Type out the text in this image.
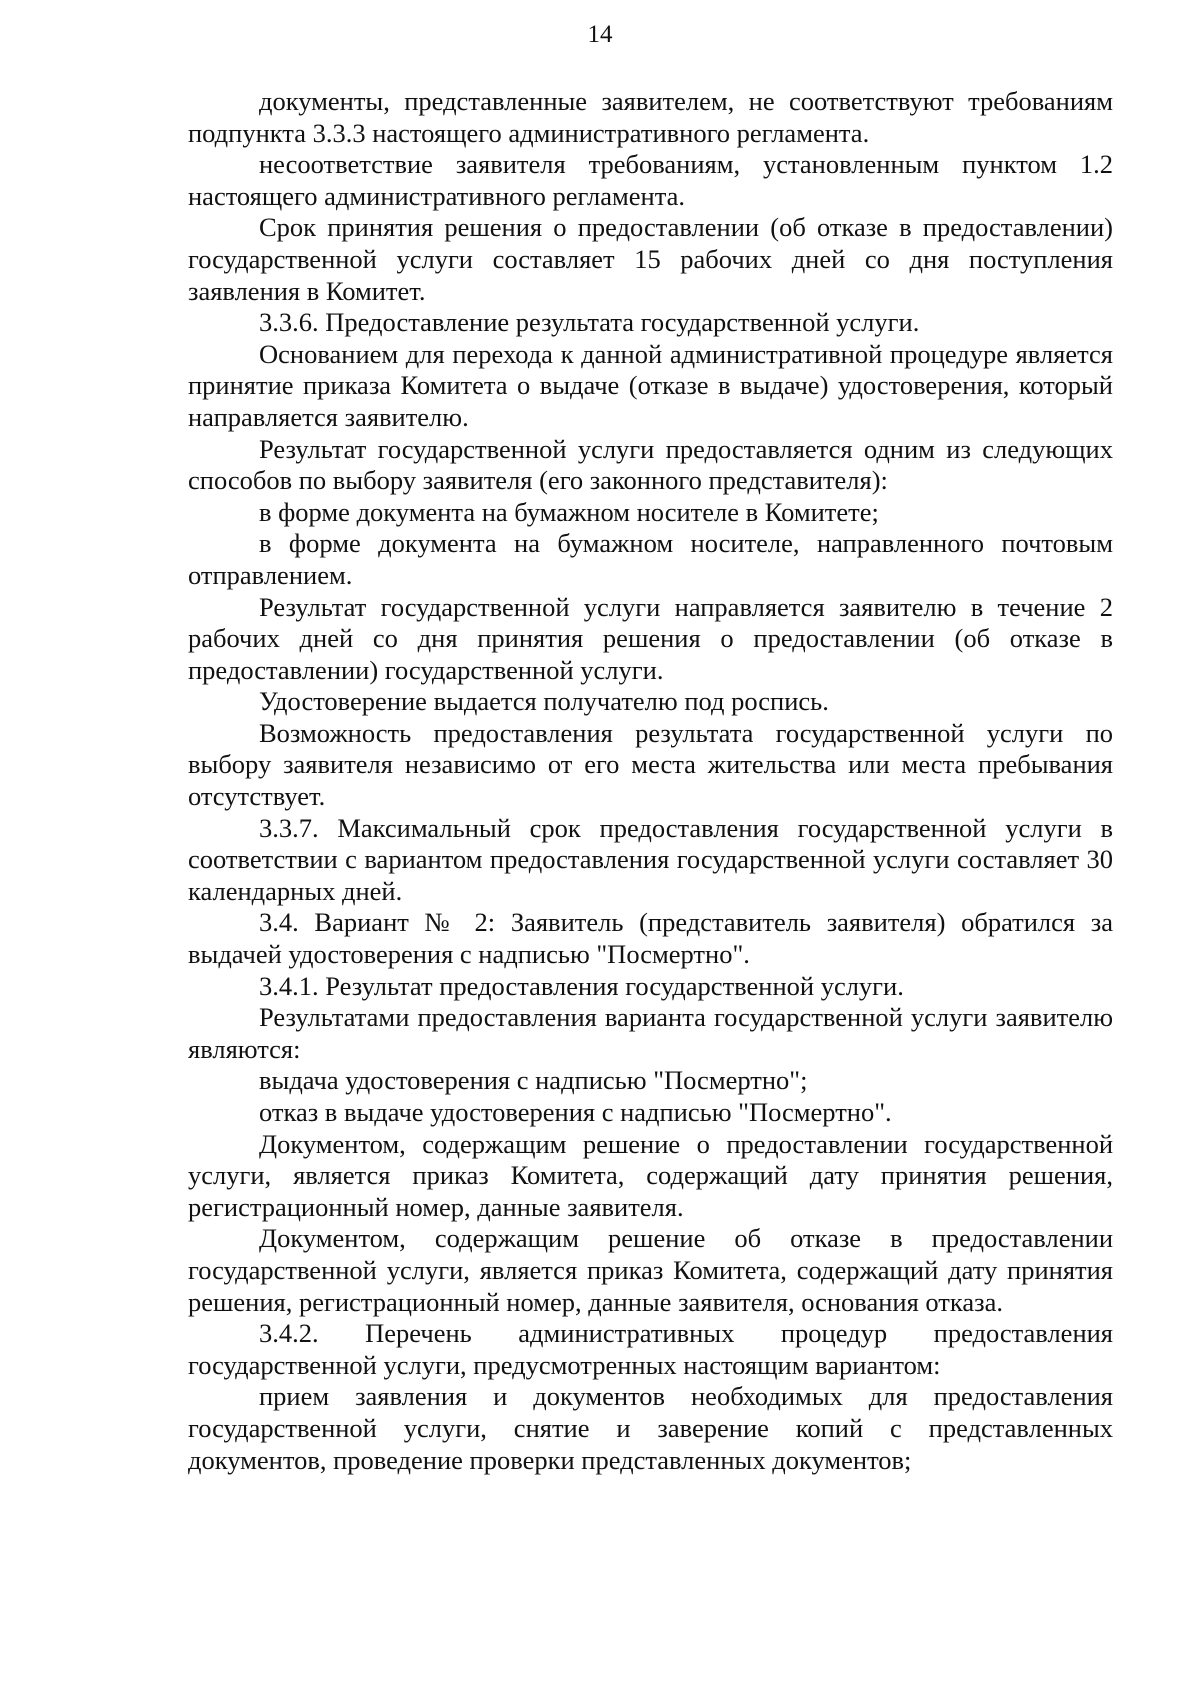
14

документы, представленные заявителем, не соответствуют требованиям подпункта 3.3.3 настоящего административного регламента.

несоответствие заявителя требованиям, установленным пунктом 1.2 настоящего административного регламента.

Срок принятия решения о предоставлении (об отказе в предоставлении) государственной услуги составляет 15 рабочих дней со дня поступления заявления в Комитет.

3.3.6. Предоставление результата государственной услуги.

Основанием для перехода к данной административной процедуре является принятие приказа Комитета о выдаче (отказе в выдаче) удостоверения, который направляется заявителю.

Результат государственной услуги предоставляется одним из следующих способов по выбору заявителя (его законного представителя):

в форме документа на бумажном носителе в Комитете;

в форме документа на бумажном носителе, направленного почтовым отправлением.

Результат государственной услуги направляется заявителю в течение 2 рабочих дней со дня принятия решения о предоставлении (об отказе в предоставлении) государственной услуги.

Удостоверение выдается получателю под роспись.

Возможность предоставления результата государственной услуги по выбору заявителя независимо от его места жительства или места пребывания отсутствует.

3.3.7. Максимальный срок предоставления государственной услуги в соответствии с вариантом предоставления государственной услуги составляет 30 календарных дней.

3.4. Вариант № 2: Заявитель (представитель заявителя) обратился за выдачей удостоверения с надписью "Посмертно".

3.4.1. Результат предоставления государственной услуги.

Результатами предоставления варианта государственной услуги заявителю являются:

выдача удостоверения с надписью "Посмертно";

отказ в выдаче удостоверения с надписью "Посмертно".

Документом, содержащим решение о предоставлении государственной услуги, является приказ Комитета, содержащий дату принятия решения, регистрационный номер, данные заявителя.

Документом, содержащим решение об отказе в предоставлении государственной услуги, является приказ Комитета, содержащий дату принятия решения, регистрационный номер, данные заявителя, основания отказа.

3.4.2. Перечень административных процедур предоставления государственной услуги, предусмотренных настоящим вариантом:

прием заявления и документов необходимых для предоставления государственной услуги, снятие и заверение копий с представленных документов, проведение проверки представленных документов;
